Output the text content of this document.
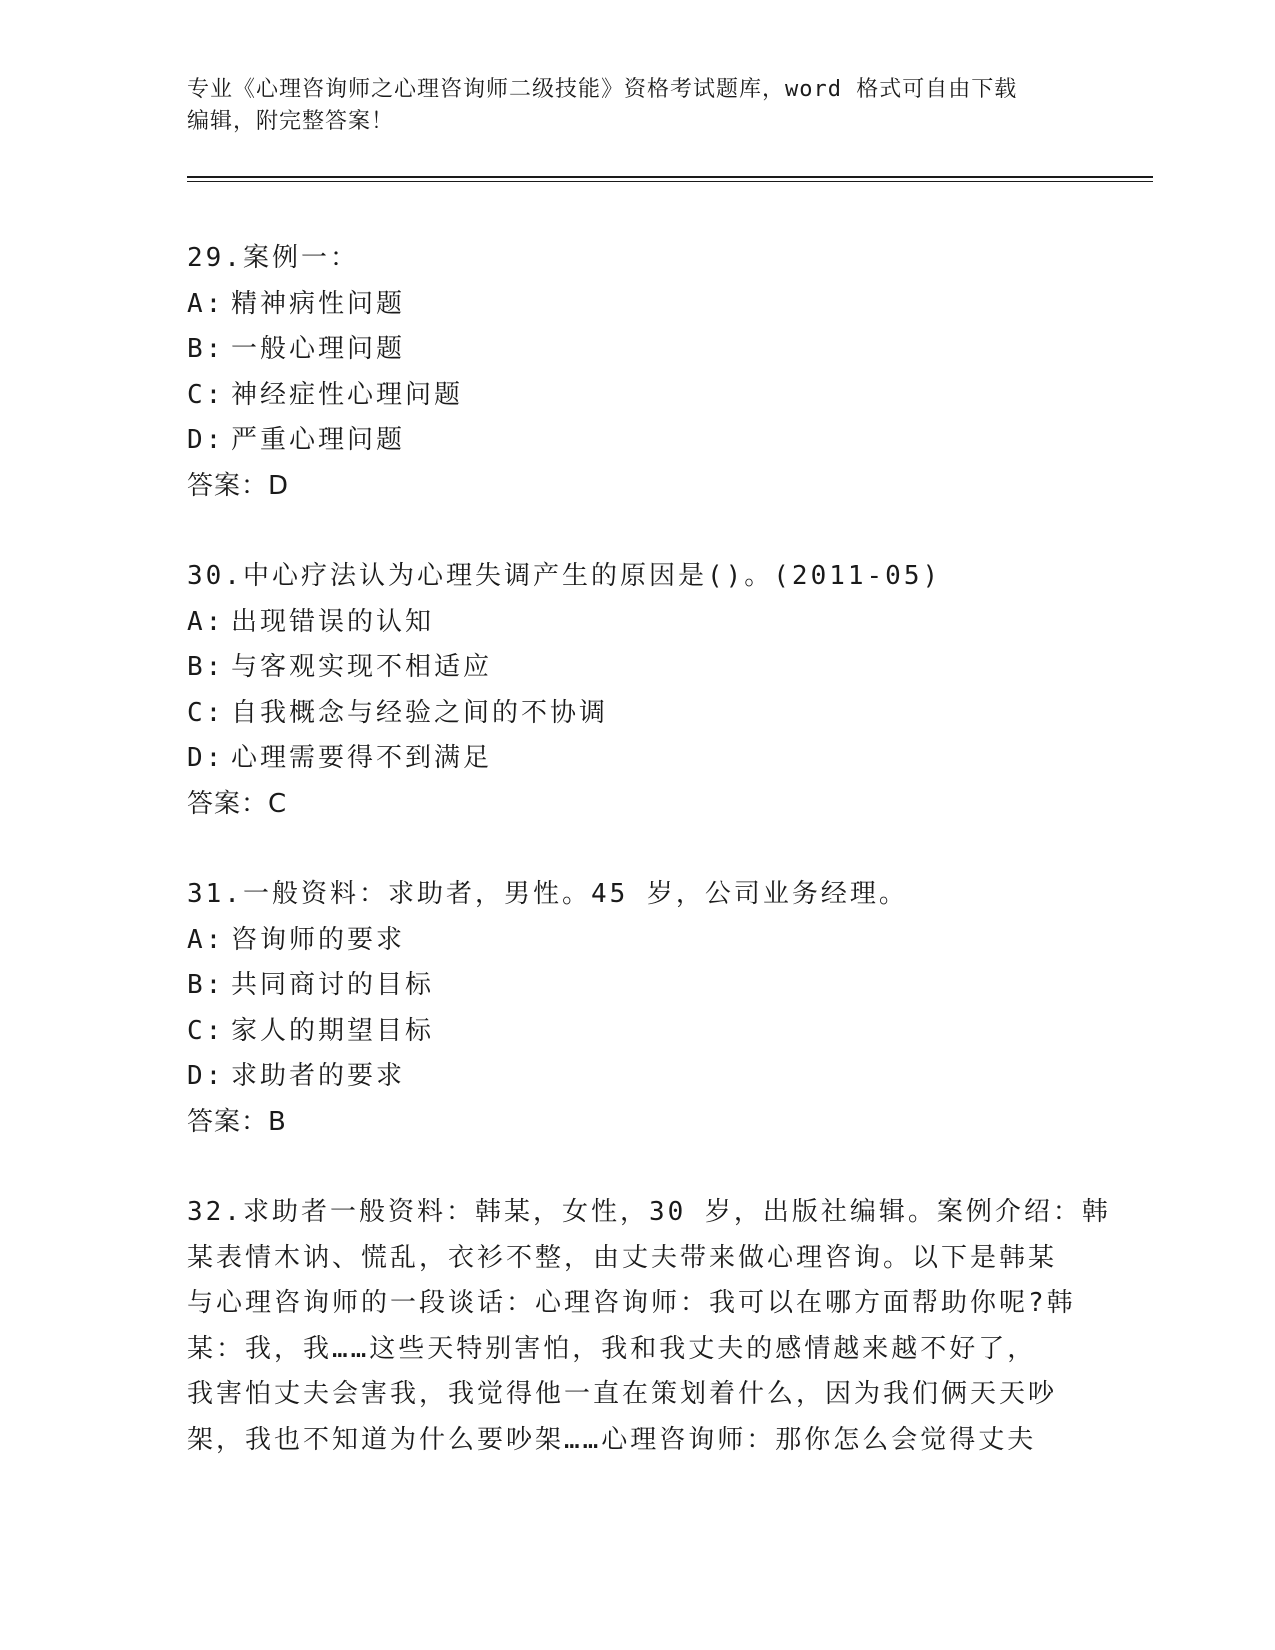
专业《心理咨询师之心理咨询师二级技能》资格考试题库，word 格式可自由下载
编辑，附完整答案！
29.案例一：
A: 精神病性问题
B: 一般心理问题
C: 神经症性心理问题
D: 严重心理问题
答案：D
30.中心疗法认为心理失调产生的原因是()。(2011-05)
A: 出现错误的认知
B: 与客观实现不相适应
C: 自我概念与经验之间的不协调
D: 心理需要得不到满足
答案：C
31.一般资料：求助者，男性。45 岁，公司业务经理。
A: 咨询师的要求
B: 共同商讨的目标
C: 家人的期望目标
D: 求助者的要求
答案：B
32.求助者一般资料：韩某，女性，30 岁，出版社编辑。案例介绍：韩
某表情木讷、慌乱，衣衫不整，由丈夫带来做心理咨询。以下是韩某
与心理咨询师的一段谈话：心理咨询师：我可以在哪方面帮助你呢?韩
某：我，我……这些天特别害怕，我和我丈夫的感情越来越不好了，
我害怕丈夫会害我，我觉得他一直在策划着什么，因为我们俩天天吵
架，我也不知道为什么要吵架……心理咨询师：那你怎么会觉得丈夫
